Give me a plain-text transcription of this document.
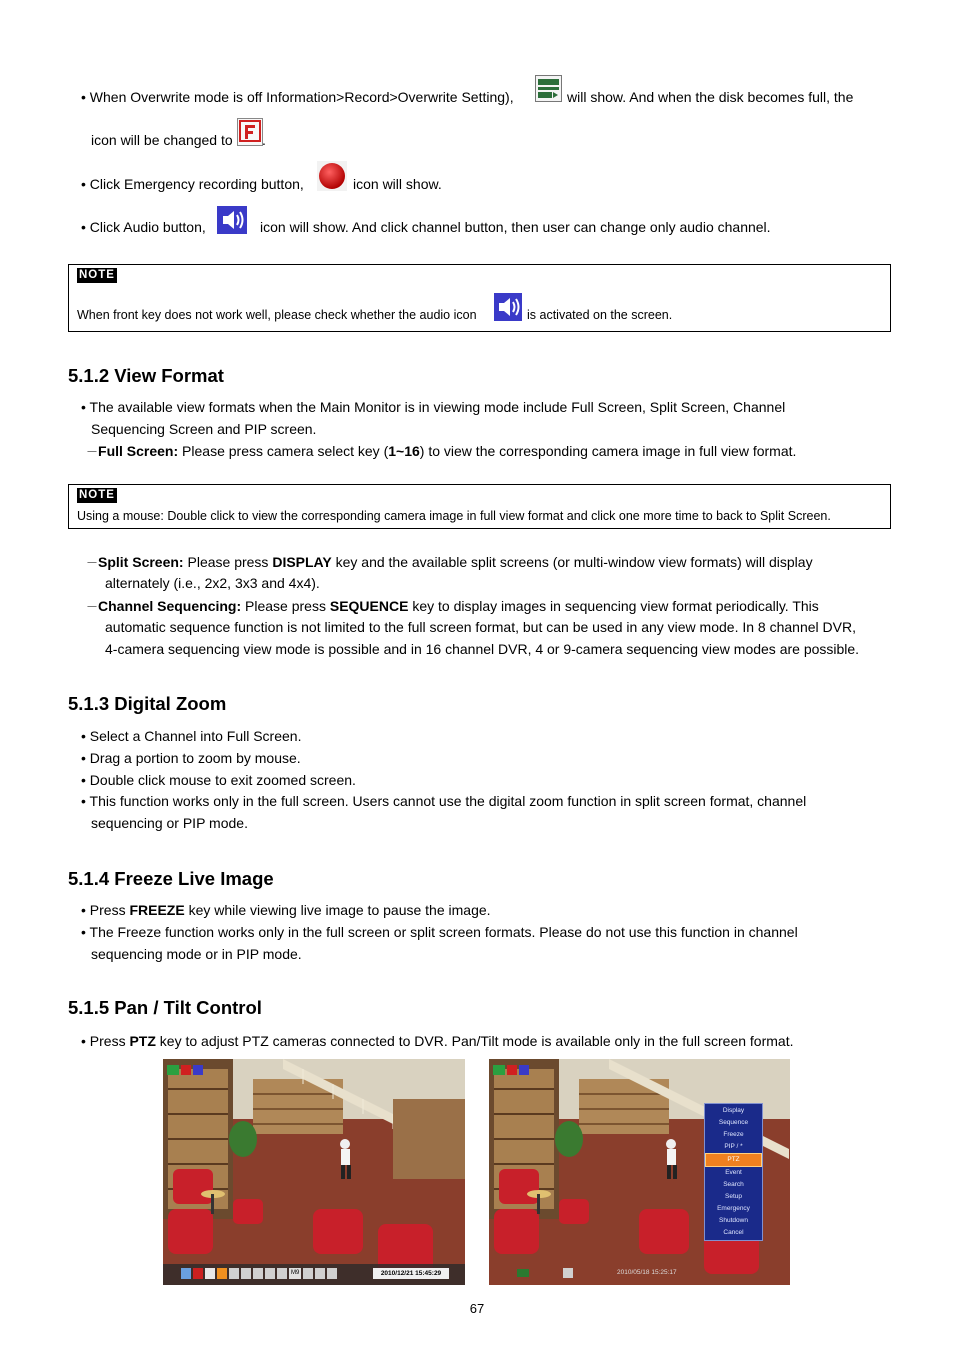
• When Overwrite mode is off Information>Record>Overwrite Setting),	will show. And when the disk becomes full, the
icon will be changed to .
• Click Emergency recording button,	icon will show.
• Click Audio button,	icon will show. And click channel button, then user can change only audio channel.
NOTE
When front key does not work well, please check whether the audio icon	is activated on the screen.
5.1.2 View Format
• The available view formats when the Main Monitor is in viewing mode include Full Screen, Split Screen, Channel
Sequencing Screen and PIP screen.
－Full Screen: Please press camera select key (1~16) to view the corresponding camera image in full view format.
NOTE
Using a mouse: Double click to view the corresponding camera image in full view format and click one more time to back to Split Screen.
－Split Screen: Please press DISPLAY key and the available split screens (or multi-window view formats) will display
alternately (i.e., 2x2, 3x3 and 4x4).
－Channel Sequencing: Please press SEQUENCE key to display images in sequencing view format periodically. This
automatic sequence function is not limited to the full screen format, but can be used in any view mode. In 8 channel DVR,
4-camera sequencing view mode is possible and in 16 channel DVR, 4 or 9-camera sequencing view modes are possible.
5.1.3 Digital Zoom
• Select a Channel into Full Screen.
• Drag a portion to zoom by mouse.
• Double click mouse to exit zoomed screen.
• This function works only in the full screen. Users cannot use the digital zoom function in split screen format, channel
sequencing or PIP mode.
5.1.4 Freeze Live Image
• Press FREEZE key while viewing live image to pause the image.
• The Freeze function works only in the full screen or split screen formats. Please do not use this function in channel
sequencing mode or in PIP mode.
5.1.5 Pan / Tilt Control
• Press PTZ key to adjust PTZ cameras connected to DVR. Pan/Tilt mode is available only in the full screen format.
M9	2010/12/21 15:45:29
Display
Sequence
Freeze
PIP / *
PTZ
Event
Search
Setup
Emergency
Shutdown
Cancel
2010/05/18 15:25:17
67
